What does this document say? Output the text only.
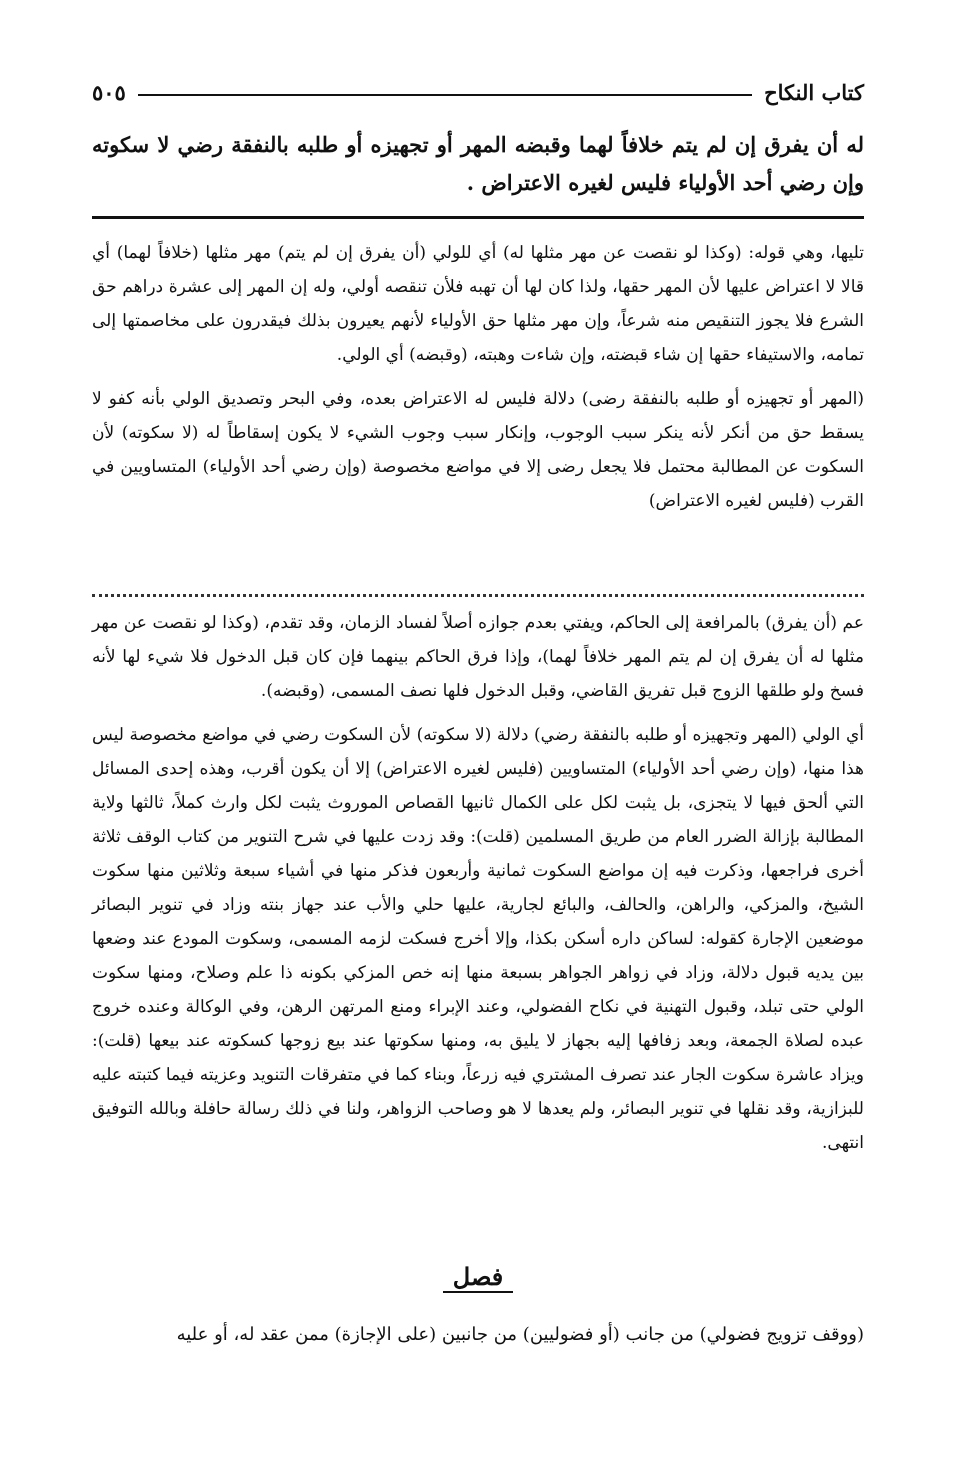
كتاب النكاح
٥٠٥

له أن يفرق إن لم يتم خلافاً لهما وقبضه المهر أو تجهيزه أو طلبه بالنفقة رضي لا سكوته وإن رضي أحد الأولياء فليس لغيره الاعتراض .

تليها، وهي قوله: (وكذا لو نقصت عن مهر مثلها له) أي للولي (أن يفرق إن لم يتم) مهر مثلها (خلافاً لهما) أي قالا لا اعتراض عليها لأن المهر حقها، ولذا كان لها أن تهبه فلأن تنقصه أولي، وله إن المهر إلى عشرة دراهم حق الشرع فلا يجوز التنقيص منه شرعاً، وإن مهر مثلها حق الأولياء لأنهم يعيرون بذلك فيقدرون على مخاصمتها إلى تمامه، والاستيفاء حقها إن شاء قبضته، وإن شاءت وهبته، (وقبضه) أي الولي.

(المهر أو تجهيزه أو طلبه بالنفقة رضى) دلالة فليس له الاعتراض بعده، وفي البحر وتصديق الولي بأنه كفو لا يسقط حق من أنكر لأنه ينكر سبب الوجوب، وإنكار سبب وجوب الشيء لا يكون إسقاطاً له (لا سكوته) لأن السكوت عن المطالبة محتمل فلا يجعل رضى إلا في مواضع مخصوصة (وإن رضي أحد الأولياء) المتساويين في القرب (فليس لغيره الاعتراض)

عم (أن يفرق) بالمرافعة إلى الحاكم، ويفتي بعدم جوازه أصلاً لفساد الزمان، وقد تقدم، (وكذا لو نقصت عن مهر مثلها له أن يفرق إن لم يتم المهر خلافاً لهما)، وإذا فرق الحاكم بينهما فإن كان قبل الدخول فلا شيء لها لأنه فسخ ولو طلقها الزوج قبل تفريق القاضي، وقبل الدخول فلها نصف المسمى، (وقبضه).

أي الولي (المهر وتجهيزه أو طلبه بالنفقة رضي) دلالة (لا سكوته) لأن السكوت رضي في مواضع مخصوصة ليس هذا منها، (وإن رضي أحد الأولياء) المتساويين (فليس لغيره الاعتراض) إلا أن يكون أقرب، وهذه إحدى المسائل التي ألحق فيها لا يتجزى، بل يثبت لكل على الكمال ثانيها القصاص الموروث يثبت لكل وارث كملاً، ثالثها ولاية المطالبة بإزالة الضرر العام من طريق المسلمين (قلت): وقد زدت عليها في شرح التنوير من كتاب الوقف ثلاثة أخرى فراجعها، وذكرت فيه إن مواضع السكوت ثمانية وأربعون فذكر منها في أشياء سبعة وثلاثين منها سكوت الشيخ، والمزكي، والراهن، والحالف، والبائع لجارية، عليها حلي والأب عند جهاز بنته وزاد في تنوير البصائر موضعين الإجارة كقوله: لساكن داره أسكن بكذا، وإلا أخرج فسكت لزمه المسمى، وسكوت المودع عند وضعها بين يديه قبول دلالة، وزاد في زواهر الجواهر بسبعة منها إنه خص المزكي بكونه ذا علم وصلاح، ومنها سكوت الولي حتى تبلد، وقبول التهنية في نكاح الفضولي، وعند الإبراء ومنع المرتهن الرهن، وفي الوكالة وعنده خروج عبده لصلاة الجمعة، وبعد زفافها إليه بجهاز لا يليق به، ومنها سكوتها عند بيع زوجها كسكوته عند بيعها (قلت): ويزاد عاشرة سكوت الجار عند تصرف المشتري فيه زرعاً، وبناء كما في متفرقات التنويد وعزيته فيما كتبته عليه للبزازية، وقد نقلها في تنوير البصائر، ولم يعدها لا هو وصاحب الزواهر، ولنا في ذلك رسالة حافلة وبالله التوفيق انتهى.

فصل

(ووقف تزويج فضولي) من جانب (أو فضوليين) من جانبين (على الإجازة) ممن عقد له، أو عليه
